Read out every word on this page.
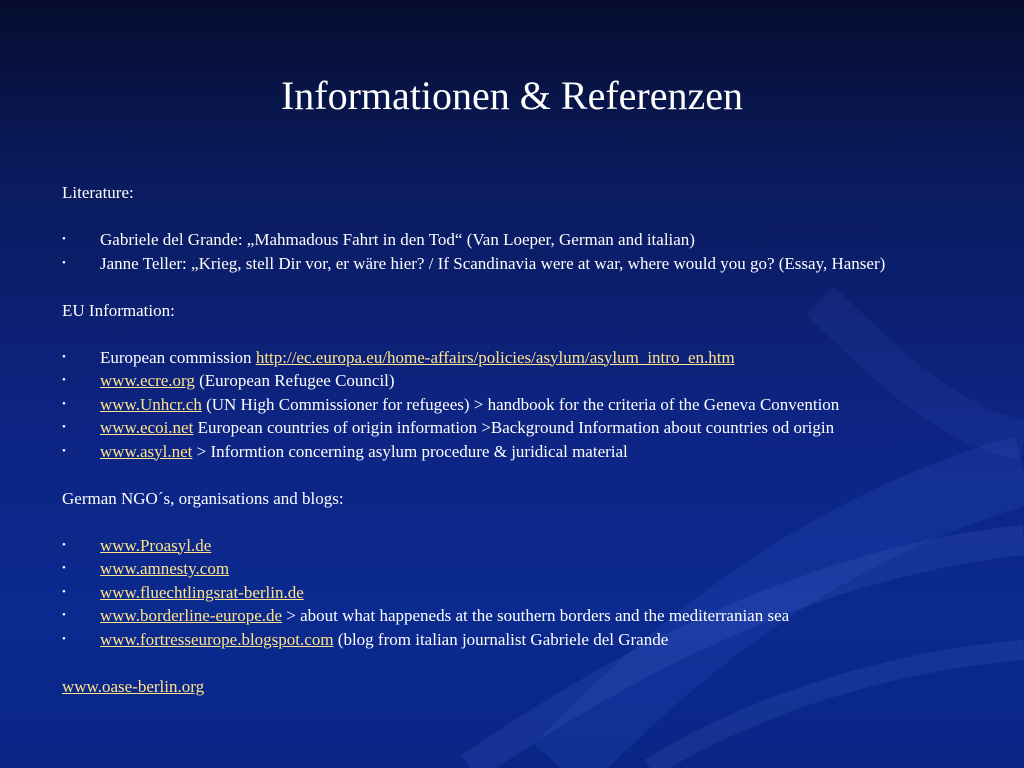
Informationen & Referenzen

Literature:

• Gabriele del Grande: „Mahmadous Fahrt in den Tod“ (Van Loeper, German and italian)
• Janne Teller: „Krieg, stell Dir vor, er wäre hier? / If Scandinavia were at war, where would you go? (Essay, Hanser)

EU Information:

• European commission http://ec.europa.eu/home-affairs/policies/asylum/asylum_intro_en.htm
• www.ecre.org (European Refugee Council)
• www.Unhcr.ch (UN High Commissioner for refugees) > handbook for the criteria of the Geneva Convention
• www.ecoi.net European countries of origin information >Background Information about countries od origin
• www.asyl.net > Informtion concerning asylum procedure & juridical material

German NGO´s, organisations and blogs:

• www.Proasyl.de
• www.amnesty.com
• www.fluechtlingsrat-berlin.de
• www.borderline-europe.de > about what happeneds at the southern borders and the mediterranian sea
• www.fortresseurope.blogspot.com (blog from italian journalist Gabriele del Grande

www.oase-berlin.org
